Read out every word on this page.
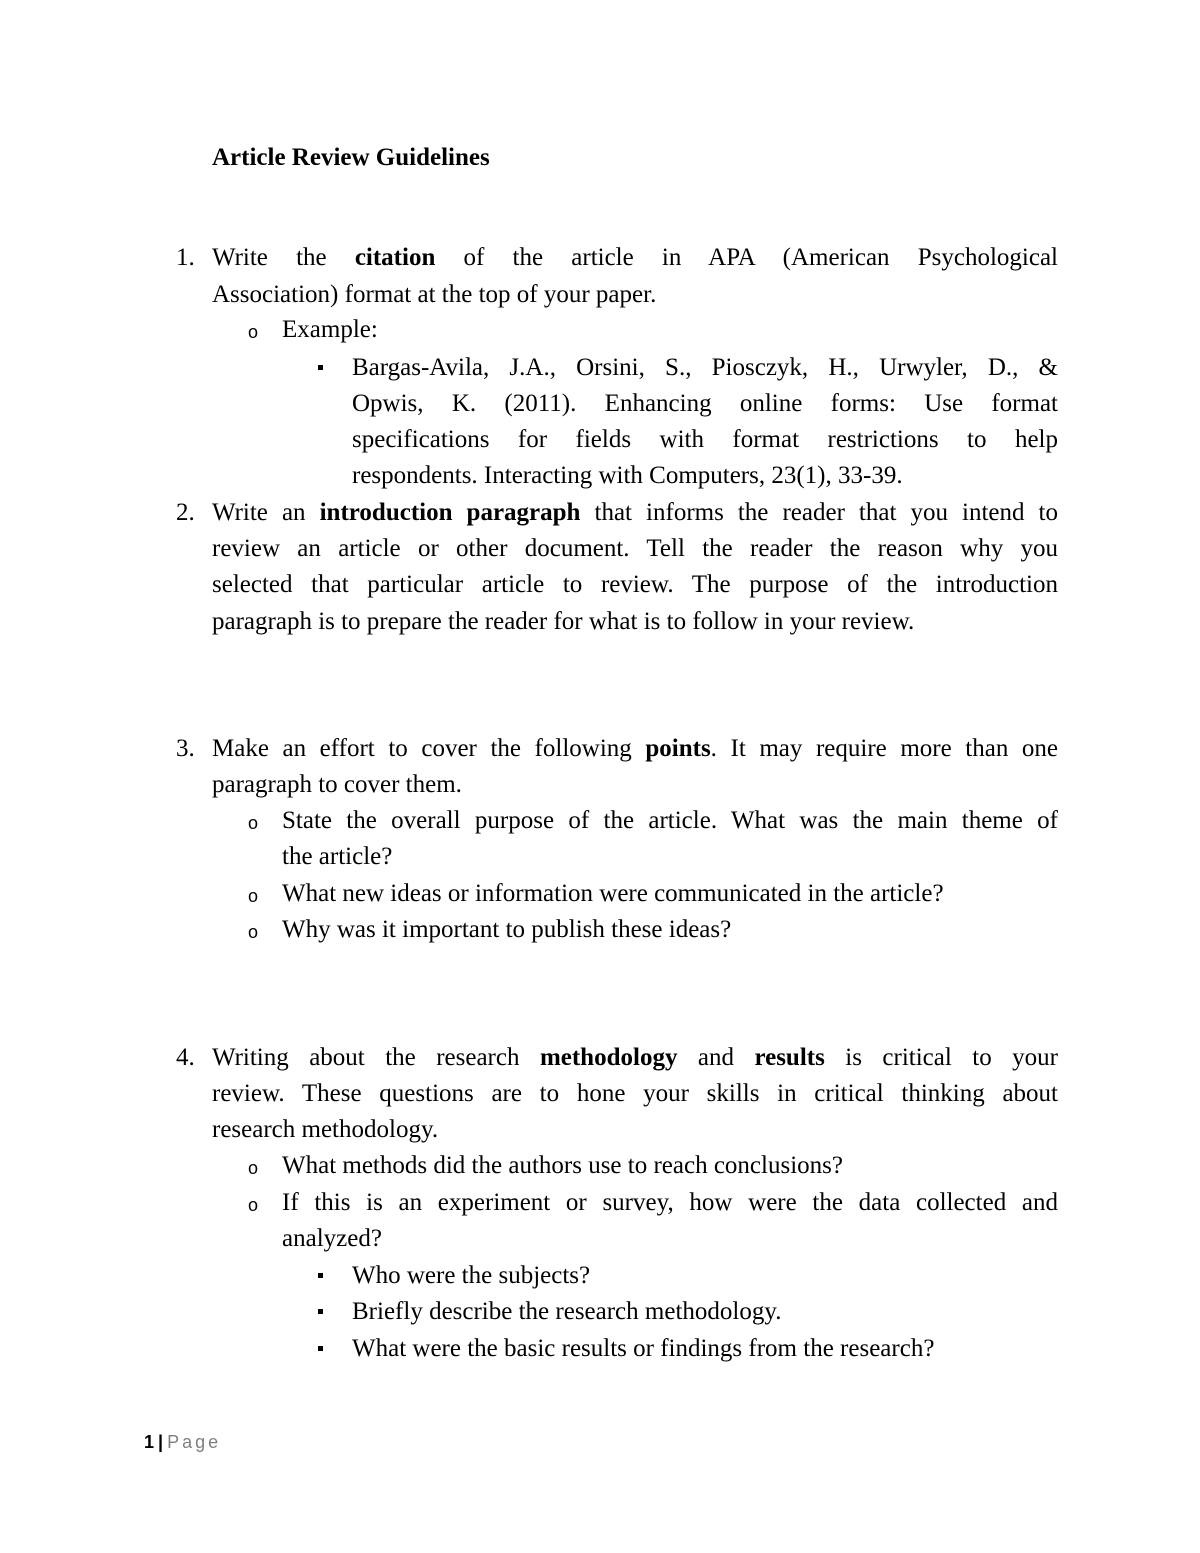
Article Review Guidelines
1. Write the citation of the article in APA (American Psychological
Association) format at the top of your paper.
o Example:
Bargas-Avila, J.A., Orsini, S., Piosczyk, H., Urwyler, D., &
Opwis, K. (2011). Enhancing online forms: Use format
specifications for fields with format restrictions to help
respondents. Interacting with Computers, 23(1), 33-39.
2. Write an introduction paragraph that informs the reader that you intend to
review an article or other document. Tell the reader the reason why you
selected that particular article to review. The purpose of the introduction
paragraph is to prepare the reader for what is to follow in your review.
3. Make an effort to cover the following points. It may require more than one
paragraph to cover them.
o State the overall purpose of the article. What was the main theme of
the article?
o What new ideas or information were communicated in the article?
o Why was it important to publish these ideas?
4. Writing about the research methodology and results is critical to your
review. These questions are to hone your skills in critical thinking about
research methodology.
o What methods did the authors use to reach conclusions?
o If this is an experiment or survey, how were the data collected and
analyzed?
Who were the subjects?
Briefly describe the research methodology.
What were the basic results or findings from the research?
1 | Page
